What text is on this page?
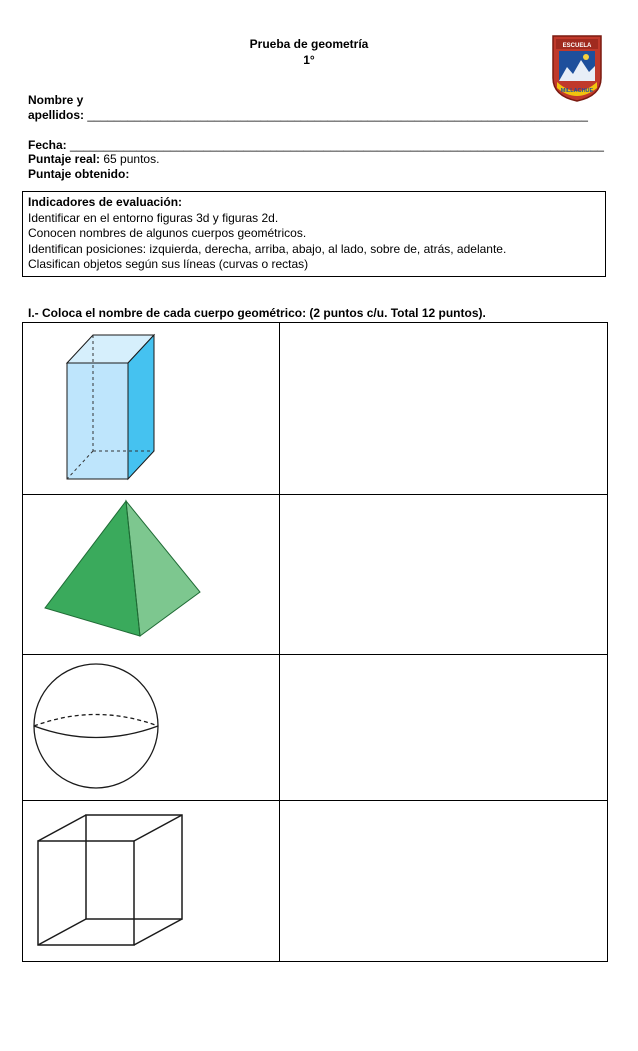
Prueba de geometría
1°
ESCUELA
MILLACHUE
Nombre y
apellidos: ___________________________________________________________________________
Fecha: ________________________________________________________________________________
Puntaje real: 65 puntos.
Puntaje obtenido:
Indicadores de evaluación:
Identificar en el entorno figuras 3d y figuras 2d.
Conocen nombres de algunos cuerpos geométricos.
Identifican posiciones: izquierda, derecha, arriba, abajo, al lado, sobre de, atrás, adelante.
Clasifican objetos según sus líneas (curvas o rectas)
I.- Coloca el nombre de cada cuerpo geométrico: (2 puntos c/u. Total 12 puntos).
